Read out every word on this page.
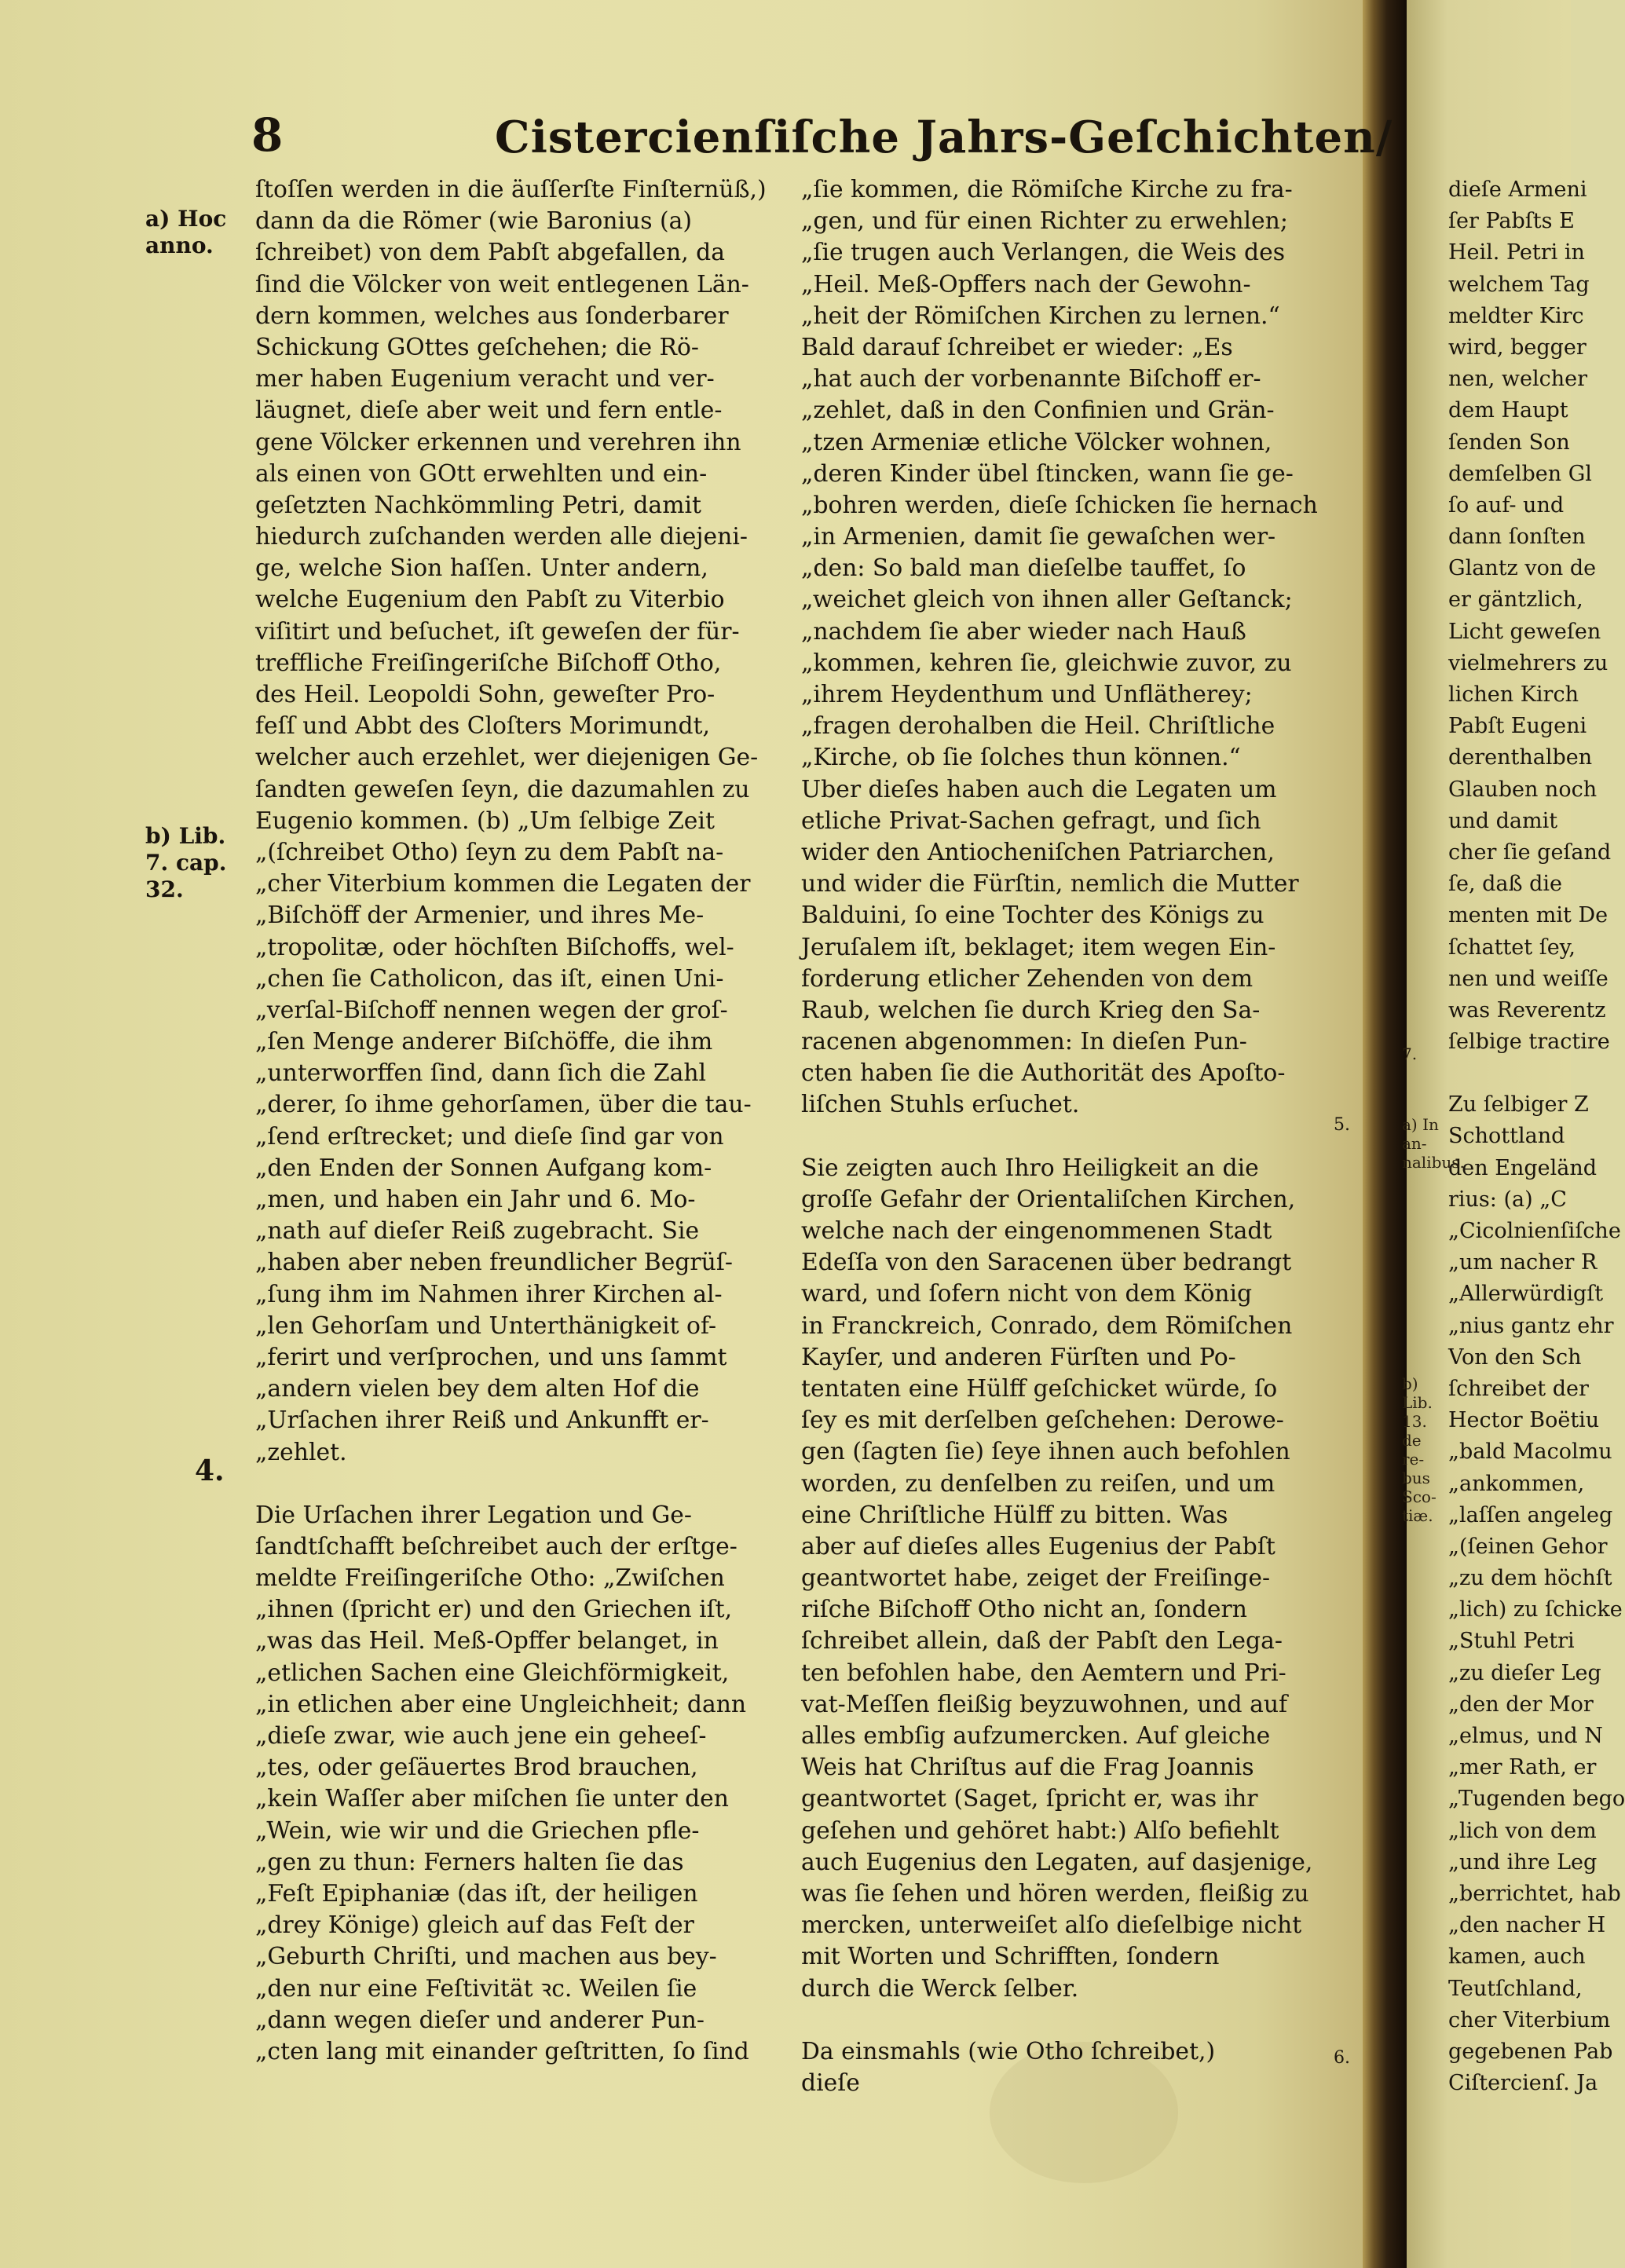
8	Cistercienſiſche Jahrs-Geſchichten/
a) Hoc anno.
b) Lib. 7. cap. 32.
4.
5.
6.
ſtoſſen werden in die äuſſerſte Finſternüß,)
dann da die Römer (wie Baronius (a)
ſchreibet) von dem Pabſt abgefallen, da
ſind die Völcker von weit entlegenen Län-
dern kommen, welches aus ſonderbarer
Schickung GOttes geſchehen; die Rö-
mer haben Eugenium veracht und ver-
läugnet, dieſe aber weit und fern entle-
gene Völcker erkennen und verehren ihn
als einen von GOtt erwehlten und ein-
geſetzten Nachkömmling Petri, damit
hiedurch zuſchanden werden alle diejeni-
ge, welche Sion haſſen. Unter andern,
welche Eugenium den Pabſt zu Viterbio
viſitirt und beſuchet, iſt geweſen der für-
treffliche Freiſingeriſche Biſchoff Otho,
des Heil. Leopoldi Sohn, geweſter Pro-
feſſ und Abbt des Cloſters Morimundt,
welcher auch erzehlet, wer diejenigen Ge-
ſandten geweſen ſeyn, die dazumahlen zu
Eugenio kommen. (b) „Um ſelbige Zeit
„(ſchreibet Otho) ſeyn zu dem Pabſt na-
„cher Viterbium kommen die Legaten der
„Biſchöff der Armenier, und ihres Me-
„tropolitæ, oder höchſten Biſchoffs, wel-
„chen ſie Catholicon, das iſt, einen Uni-
„verſal-Biſchoff nennen wegen der groſ-
„ſen Menge anderer Biſchöffe, die ihm
„unterworffen ſind, dann ſich die Zahl
„derer, ſo ihme gehorſamen, über die tau-
„ſend erſtrecket; und dieſe ſind gar von
„den Enden der Sonnen Aufgang kom-
„men, und haben ein Jahr und 6. Mo-
„nath auf dieſer Reiß zugebracht. Sie
„haben aber neben freundlicher Begrüſ-
„ſung ihm im Nahmen ihrer Kirchen al-
„len Gehorſam und Unterthänigkeit of-
„ferirt und verſprochen, und uns ſammt
„andern vielen bey dem alten Hof die
„Urſachen ihrer Reiß und Ankunfft er-
„zehlet.
Die Urſachen ihrer Legation und Ge-
ſandtſchafft beſchreibet auch der erſtge-
meldte Freiſingeriſche Otho: „Zwiſchen
„ihnen (ſpricht er) und den Griechen iſt,
„was das Heil. Meß-Opffer belanget, in
„etlichen Sachen eine Gleichförmigkeit,
„in etlichen aber eine Ungleichheit; dann
„dieſe zwar, wie auch jene ein geheeſ-
„tes, oder geſäuertes Brod brauchen,
„kein Waſſer aber miſchen ſie unter den
„Wein, wie wir und die Griechen pfle-
„gen zu thun: Ferners halten ſie das
„Feſt Epiphaniæ (das iſt, der heiligen
„drey Könige) gleich auf das Feſt der
„Geburth Chriſti, und machen aus bey-
„den nur eine Feſtivität ꝛc. Weilen ſie
„dann wegen dieſer und anderer Pun-
„cten lang mit einander geſtritten, ſo ſind
„ſie kommen, die Römiſche Kirche zu fra-
„gen, und für einen Richter zu erwehlen;
„ſie trugen auch Verlangen, die Weis des
„Heil. Meß-Opffers nach der Gewohn-
„heit der Römiſchen Kirchen zu lernen.“
Bald darauf ſchreibet er wieder: „Es
„hat auch der vorbenannte Biſchoff er-
„zehlet, daß in den Confinien und Grän-
„tzen Armeniæ etliche Völcker wohnen,
„deren Kinder übel ſtincken, wann ſie ge-
„bohren werden, dieſe ſchicken ſie hernach
„in Armenien, damit ſie gewaſchen wer-
„den: So bald man dieſelbe tauffet, ſo
„weichet gleich von ihnen aller Geſtanck;
„nachdem ſie aber wieder nach Hauß
„kommen, kehren ſie, gleichwie zuvor, zu
„ihrem Heydenthum und Unflätherey;
„fragen derohalben die Heil. Chriſtliche
„Kirche, ob ſie ſolches thun können.“
Uber dieſes haben auch die Legaten um
etliche Privat-Sachen gefragt, und ſich
wider den Antiocheniſchen Patriarchen,
und wider die Fürſtin, nemlich die Mutter
Balduini, ſo eine Tochter des Königs zu
Jeruſalem iſt, beklaget; item wegen Ein-
forderung etlicher Zehenden von dem
Raub, welchen ſie durch Krieg den Sa-
racenen abgenommen: In dieſen Pun-
cten haben ſie die Authorität des Apoſto-
liſchen Stuhls erſuchet.
Sie zeigten auch Ihro Heiligkeit an die
groſſe Gefahr der Orientaliſchen Kirchen,
welche nach der eingenommenen Stadt
Edeſſa von den Saracenen über bedrangt
ward, und ſofern nicht von dem König
in Franckreich, Conrado, dem Römiſchen
Kayſer, und anderen Fürſten und Po-
tentaten eine Hülff geſchicket würde, ſo
ſey es mit derſelben geſchehen: Derowe-
gen (ſagten ſie) ſeye ihnen auch befohlen
worden, zu denſelben zu reiſen, und um
eine Chriſtliche Hülff zu bitten. Was
aber auf dieſes alles Eugenius der Pabſt
geantwortet habe, zeiget der Freiſinge-
riſche Biſchoff Otho nicht an, ſondern
ſchreibet allein, daß der Pabſt den Lega-
ten befohlen habe, den Aemtern und Pri-
vat-Meſſen fleißig beyzuwohnen, und auf
alles embſig aufzumercken. Auf gleiche
Weis hat Chriſtus auf die Frag Joannis
geantwortet (Saget, ſpricht er, was ihr
geſehen und gehöret habt:) Alſo befiehlt
auch Eugenius den Legaten, auf dasjenige,
was ſie ſehen und hören werden, fleißig zu
mercken, unterweiſet alſo dieſelbige nicht
mit Worten und Schrifften, ſondern
durch die Werck ſelber.
Da einsmahls (wie Otho ſchreibet,)
dieſe
dieſe Armeni
ſer Pabſts E
Heil. Petri in
welchem Tag
meldter Kirc
wird, begger
nen, welcher
dem Haupt
ſenden Son
demſelben Gl
ſo auf- und
dann ſonſten
Glantz von de
er gäntzlich,
Licht geweſen
vielmehrers zu
lichen Kirch
Pabſt Eugeni
derenthalben
Glauben noch
und damit
cher ſie geſand
ſe, daß die
menten mit De
ſchattet ſey,
nen und weiſſe
was Reverentz
ſelbige tractire
Zu ſelbiger Z
Schottland
den Engeländ
rius: (a) „C
„Cicolnienſiſche
„um nacher R
„Allerwürdigſt
„nius gantz ehr
Von den Sch
ſchreibet der
Hector Boëtiu
„bald Macolmu
„ankommen,
„laſſen angeleg
„(ſeinen Gehor
„zu dem höchſt
„lich) zu ſchicke
„Stuhl Petri
„zu dieſer Leg
„den der Mor
„elmus, und N
„mer Rath, er
„Tugenden bego
„lich von dem
„und ihre Leg
„berrichtet, hab
„den nacher H
kamen, auch
Teutſchland,
cher Viterbium
gegebenen Pab
Ciſtercienſ. Ja
7.
a) In an- nalibus.
b) Lib. 13. de re- bus Sco- tiæ.
